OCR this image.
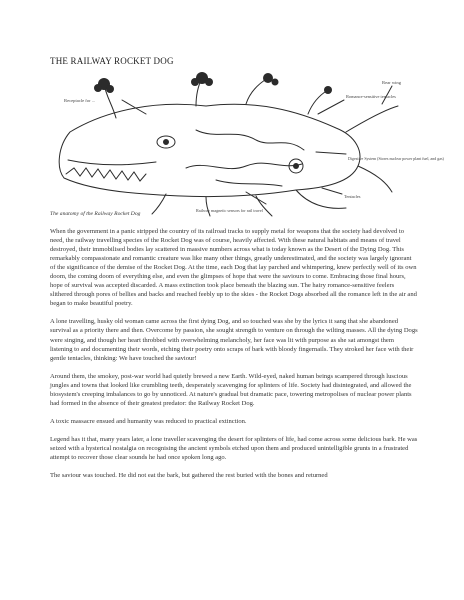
THE RAILWAY ROCKET DOG
Receptacle for ...
Romance-sensitive tentacles
Rear wing
Digestive System (Stores nuclear power plant fuel, and gas)
Tentacles
Railway magnetic sensors for rail travel
The anatomy of the Railway Rocket Dog

When the government in a panic stripped the country of its railroad tracks to supply metal for weapons that the society had devolved to need, the railway travelling species of the Rocket Dog was of course, heavily affected. With these natural habitats and means of travel destroyed, their immobilised bodies lay scattered in massive numbers across what is today known as the Desert of the Dying Dog. This remarkably compassionate and romantic creature was like many other things, greatly underestimated, and the society was largely ignorant of the significance of the demise of the Rocket Dog. At the time, each Dog that lay parched and whimpering, knew perfectly well of its own doom, the coming doom of everything else, and even the glimpses of hope that were the saviours to come. Embracing those final hours, hope of survival was accepted discarded. A mass extinction took place beneath the blazing sun. The hairy romance-sensitive feelers slithered through pores of bellies and backs and reached feebly up to the skies - the Rocket Dogs absorbed all the romance left in the air and began to make beautiful poetry.

A lone travelling, husky old woman came across the first dying Dog, and so touched was she by the lyrics it sang that she abandoned survival as a priority there and then. Overcome by passion, she sought strength to venture on through the wilting masses. All the dying Dogs were singing, and though her heart throbbed with overwhelming melancholy, her face was lit with purpose as she sat amongst them listening to and documenting their words, etching their poetry onto scraps of bark with bloody fingernails. They stroked her face with their gentle tentacles, thinking: We have touched the saviour!

Around them, the smokey, post-war world had quietly brewed a new Earth. Wild-eyed, naked human beings scampered through luscious jungles and towns that looked like crumbling teeth, desperately scavenging for splinters of life. Society had disintegrated, and allowed the biosystem's creeping imbalances to go by unnoticed. At nature's gradual but dramatic pace, towering metropolises of nuclear power plants had formed in the absence of their greatest predator: the Railway Rocket Dog.

A toxic massacre ensued and humanity was reduced to practical extinction.

Legend has it that, many years later, a lone traveller scavenging the desert for splinters of life, had come across some delicious bark. He was seized with a hysterical nostalgia on recognising the ancient symbols etched upon them and produced unintelligible grunts in a frustrated attempt to recover those clear sounds he had once spoken long ago.

The saviour was touched. He did not eat the bark, but gathered the rest buried with the bones and returned
